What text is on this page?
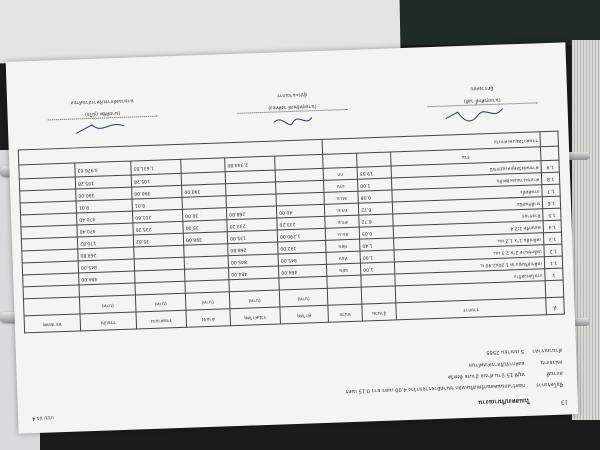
13
ใบแสดงปริมาณงาน
แบบ ปร.4
ชื่อโครงการ
ก่อสร้างถนนคอนกรีตเสริมเหล็ก ขนาดผิวจราจรกว้าง 4.00 เมตร ยาว 0.15 เมตร
สถานที่
หมู่ที่ 15 บ้าน ตำบล อำเภอ จังหวัด
หน่วยงาน
องค์การบริหารส่วนตำบล
คำนวณราคา
5 เมษายน 2565
ที่	รายการ	จำนวน	หน่วย	ค่าวัสดุ	รวมค่าวัสดุ	ค่าแรง	รวมค่าแรง	รวมเงิน	หมายเหตุ
				(บาท)	(บาท)	(บาท)	(บาท)	(บาท)	
1	งานโครงสร้าง								
1.1	เหล็กเสริมขนาด 1.20x2.40 ม.	1.00	แผ่น	484.00	484.00			484.00	
1.2	เหล็กขนาด 2"x 2.3 มม.	1.00	ท่อน	845.00	845.00	-		845.00	
1.3	เหล็กเส้น 1"x 1.2 มม.	1.40	ท่อน	192.00	268.80			268.80	
1.4	คอนกรีต 1:2:4	0.05	ลบ.ม.	1,290.00	135.00	398.00	35.82	170.82	
1.5	ผิวจราจร	6.72	ตร.ม.	233.20	233.20	35.00	235.20	470.40	
1.6	ทาสีกันสนิม	6.72	ตร.ม.	40.00	268.80	30.00	201.60	470.40	
1.7	งานติดตั้ง	0.08	ลบ.ม.				8.01	8.01	
1.8	ค่าแรงงานและจัดเก็บ	1.00	งาน			390.00	390.00	390.00	
1.9	ค่าขนส่งวัสดุและอุปกรณ์	19.55	กก				105.28	105.28	
	รวม				2,344.80		1,631.83	3,976.63	
	รวมค่าวัสดุและค่าแรง								
(นายสุรศักดิ์ วงศ์)
ผู้ตรวจสอบ
(นายสุทธิพงษ์ วงศ์ทอง)
ผู้ประมาณการ
(นายพิชิต ภูมิใจ)
นายกองค์การบริหารส่วนตำบล
